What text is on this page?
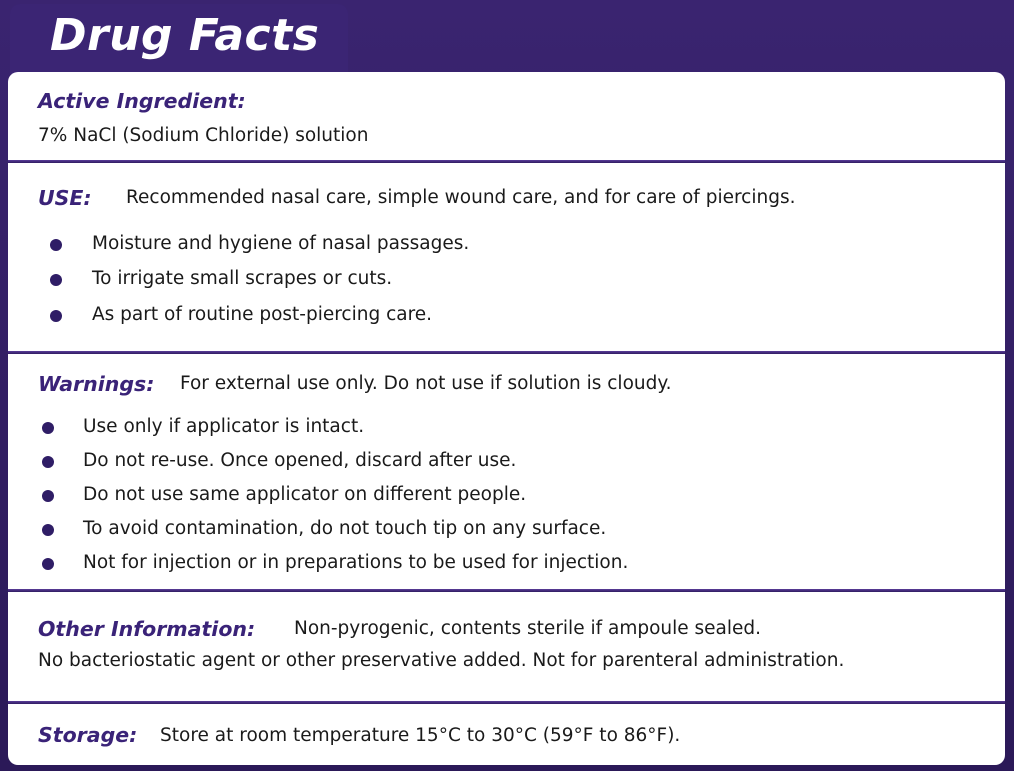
Drug Facts
Active Ingredient:
7% NaCl (Sodium Chloride) solution
USE: Recommended nasal care, simple wound care, and for care of piercings.
Moisture and hygiene of nasal passages.
To irrigate small scrapes or cuts.
As part of routine post-piercing care.
Warnings: For external use only. Do not use if solution is cloudy.
Use only if applicator is intact.
Do not re-use. Once opened, discard after use.
Do not use same applicator on different people.
To avoid contamination, do not touch tip on any surface.
Not for injection or in preparations to be used for injection.
Other Information: Non-pyrogenic, contents sterile if ampoule sealed.
No bacteriostatic agent or other preservative added. Not for parenteral administration.
Storage: Store at room temperature 15°C to 30°C (59°F to 86°F).
